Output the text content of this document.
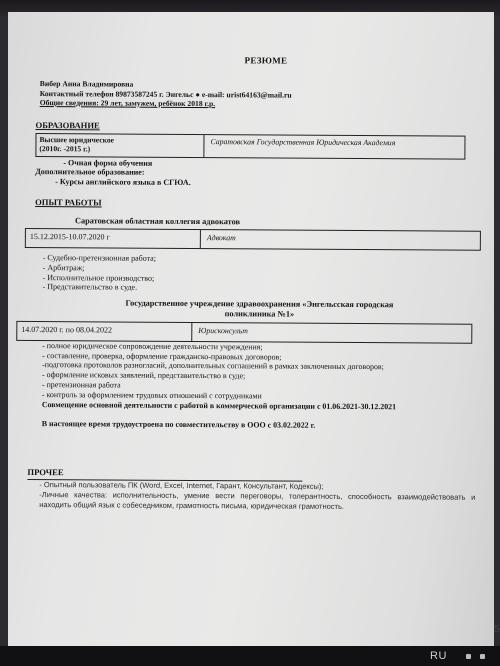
РЕЗЮМЕ
Вибер Анна Владимировна
Контактный телефон 89873587245 г. Энгельс ● e-mail: urist64163@mail.ru
Общие сведения: 29 лет, замужем, ребёнок 2018 г.р.
ОБРАЗОВАНИЕ
Высшее юридическое
(2010г. -2015 г.)
Саратовская Государственная Юридическая Академия
- Очная форма обучения
Дополнительное образование:
- Курсы английского языка в СГЮА.
ОПЫТ РАБОТЫ
Саратовская областная коллегия адвокатов
15.12.2015-10.07.2020 г	Адвокат
- Судебно-претензионная работа;
- Арбитраж;
- Исполнительное производство;
- Представительство в суде.
Государственное учреждение здравоохранения «Энгельсская городская
поликлиника №1»
14.07.2020 г. по 08.04.2022	Юрисконсульт
- полное юридическое сопровождение деятельности учреждения;
- составление, проверка, оформление гражданско-правовых договоров;
-подготовка протоколов разногласий, дополнительных соглашений в рамках заключенных договоров;
- оформление исковых заявлений, представительство в суде;
- претензионная работа
- контроль за оформлением трудовых отношений с сотрудниками
Совмещение основной деятельности с работой в коммерческой организации с 01.06.2021-30.12.2021
В настоящее время трудоустроена по совместительству в ООО с 03.02.2022 г.
ПРОЧЕЕ
- Опытный пользователь ПК (Word, Excel, Internet, Гарант, Консультант, Кодексы);
-Личные качества: исполнительность, умение вести переговоры, толерантность, способность взаимодействовать и находить общий язык с собеседником, грамотность письма, юридическая грамотность.
5
RU
